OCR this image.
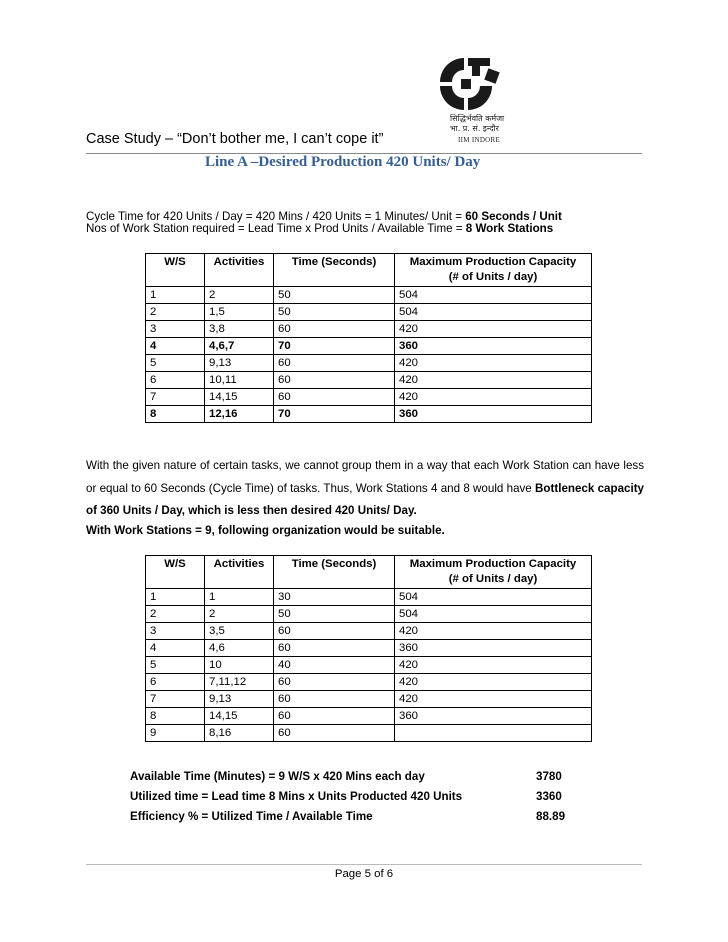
सिद्धिर्भवति कर्मजा
भा. प्र. सं. इन्दौर
IIM INDORE
Case Study – “Don’t bother me, I can’t cope it”
Line A –Desired Production 420 Units/ Day
Cycle Time for 420 Units / Day = 420 Mins / 420 Units = 1 Minutes/ Unit = 60 Seconds / Unit
Nos of Work Station required = Lead Time x Prod Units / Available Time = 8 Work Stations
W/S	Activities	Time (Seconds)	Maximum Production Capacity
(# of Units / day)
1	2	50	504
2	1,5	50	504
3	3,8	60	420
4	4,6,7	70	360
5	9,13	60	420
6	10,11	60	420
7	14,15	60	420
8	12,16	70	360
With the given nature of certain tasks, we cannot group them in a way that each Work Station can have less or equal to 60 Seconds (Cycle Time) of tasks. Thus, Work Stations 4 and 8 would have Bottleneck capacity of 360 Units / Day, which is less then desired 420 Units/ Day.
With Work Stations = 9, following organization would be suitable.
W/S	Activities	Time (Seconds)	Maximum Production Capacity
(# of Units / day)
1	1	30	504
2	2	50	504
3	3,5	60	420
4	4,6	60	360
5	10	40	420
6	7,11,12	60	420
7	9,13	60	420
8	14,15	60	360
9	8,16	60	
Available Time (Minutes) = 9 W/S x 420 Mins each day	3780
Utilized time = Lead time 8 Mins x Units Producted 420 Units	3360
Efficiency % = Utilized Time / Available Time	88.89
Page 5 of 6
